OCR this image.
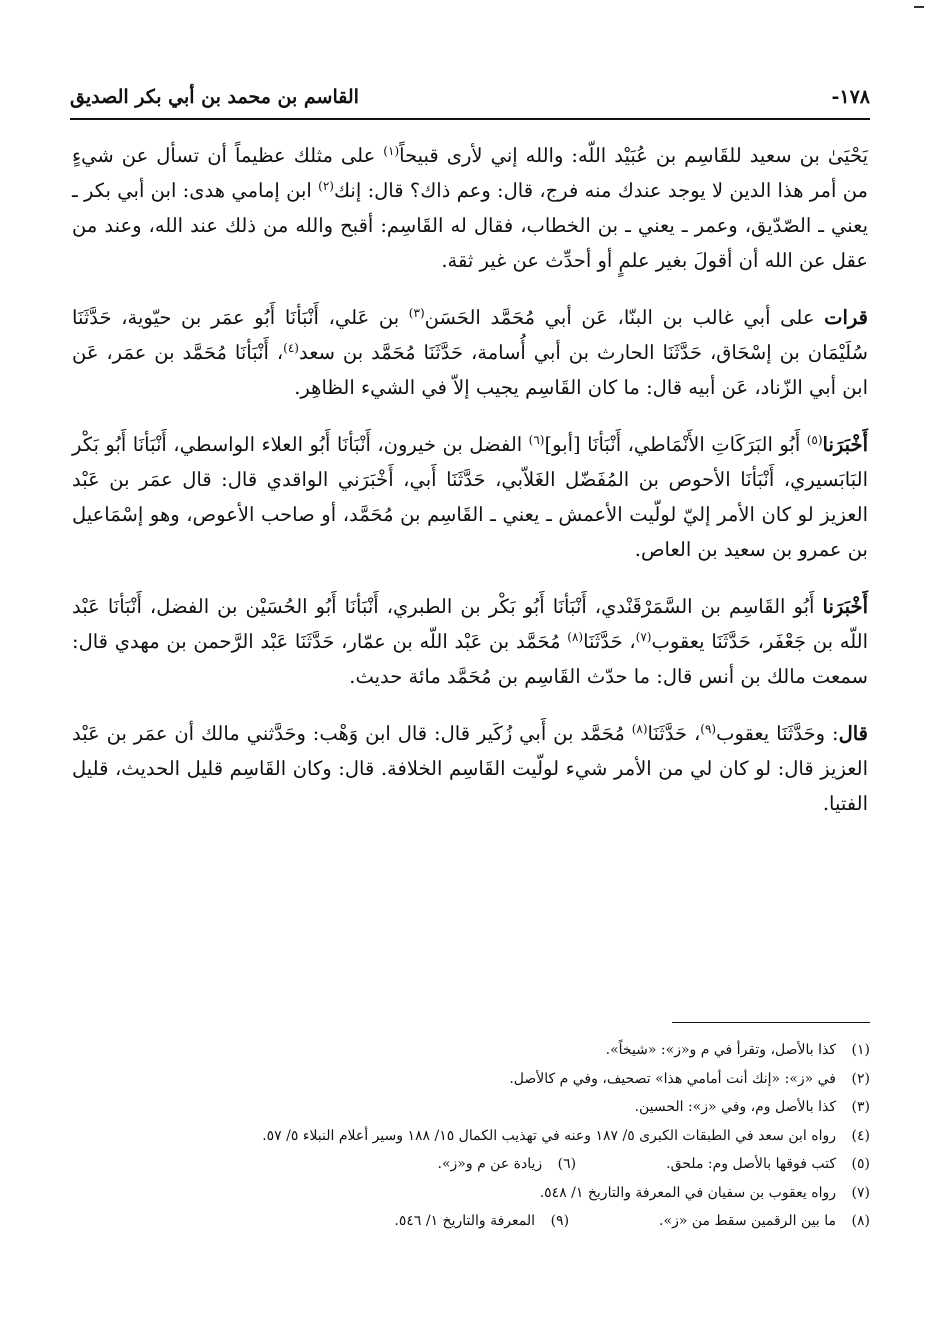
القاسم بن محمد بن أبي بكر الصديق	-١٧٨

يَحْيَىٰ بن سعيد للقَاسِم بن عُبَيْد اللّه: والله إني لأرى قبيحاً$^{(١)}$ على مثلك عظيماً أن تسأل عن شيءٍ من أمر هذا الدين لا يوجد عندك منه فرج، قال: وعم ذاك؟ قال: إنك$^{(٢)}$ ابن إمامي هدى: ابن أبي بكر ـ يعني ـ الصّدّيق، وعمر ـ يعني ـ بن الخطاب، فقال له القَاسِم: أقبح والله من ذلك عند الله، وعند من عقل عن الله أن أقولَ بغير علمٍ أو أحدِّث عن غير ثقة.

قرات على أبي غالب بن البنّا، عَن أبي مُحَمَّد الحَسَن$^{(٣)}$ بن عَلي، أَنْبَأنَا أَبُو عمَر بن حيّوية، حَدَّثَنَا سُلَيْمَان بن إسْحَاق، حَدَّثَنَا الحارث بن أبي أُسامة، حَدَّثَنَا مُحَمَّد بن سعد$^{(٤)}$، أَنْبَأنَا مُحَمَّد بن عمَر، عَن ابن أبي الزّناد، عَن أبيه قال: ما كان القَاسِم يجيب إلاّ في الشيء الظاهِر.

أَخْبَرَنا$^{(٥)}$ أَبُو البَرَكَاتِ الأَنْمَاطي، أَنْبَأنَا [أبو]$^{(٦)}$ الفضل بن خيرون، أَنْبَأنَا أَبُو العلاء الواسطي، أَنْبَأنَا أَبُو بَكْر البَابَسيري، أَنْبَأنَا الأحوص بن المُفَضّل الغَلاّبي، حَدَّثَنَا أَبي، أَخْبَرَني الواقدي قال: قال عمَر بن عَبْد العزيز لو كان الأمر إليّ لولّيت الأعمش ـ يعني ـ القَاسِم بن مُحَمَّد، أو صاحب الأعوص، وهو إسْمَاعيل بن عمرو بن سعيد بن العاص.

أَخْبَرَنا أَبُو القَاسِم بن السَّمَرْقَنْدي، أَنْبَأنَا أَبُو بَكْر بن الطبري، أَنْبَأنَا أَبُو الحُسَيْن بن الفضل، أَنْبَأنَا عَبْد اللّه بن جَعْفَر، حَدَّثَنَا يعقوب$^{(٧)}$، حَدَّثَنَا$^{(٨)}$ مُحَمَّد بن عَبْد اللّه بن عمّار، حَدَّثَنَا عَبْد الرَّحمن بن مهدي قال: سمعت مالك بن أنس قال: ما حدّث القَاسِم بن مُحَمَّد مائة حديث.

قال: وحَدَّثَنَا يعقوب$^{(٩)}$، حَدَّثَنَا$^{(٨)}$ مُحَمَّد بن أَبي زُكَير قال: قال ابن وَهْب: وحَدَّثني مالك أن عمَر بن عَبْد العزيز قال: لو كان لي من الأمر شيء لولّيت القَاسِم الخلافة. قال: وكان القَاسِم قليل الحديث، قليل الفتيا.

(١)كذا بالأصل، وتقرأ في م و«ز»: «شيخاً».
(٢)في «ز»: «إنك أنت أمامي هذا» تصحيف، وفي م كالأصل.
(٣)كذا بالأصل وم، وفي «ز»: الحسين.
(٤)رواه ابن سعد في الطبقات الكبرى ٥/ ١٨٧ وعنه في تهذيب الكمال ١٥/ ١٨٨ وسير أعلام النبلاء ٥/ ٥٧.
(٥)كتب فوقها بالأصل وم: ملحق.
(٦)زيادة عن م و«ز».
(٧)رواه يعقوب بن سفيان في المعرفة والتاريخ ١/ ٥٤٨.
(٨)ما بين الرقمين سقط من «ز».
(٩)المعرفة والتاريخ ١/ ٥٤٦.
